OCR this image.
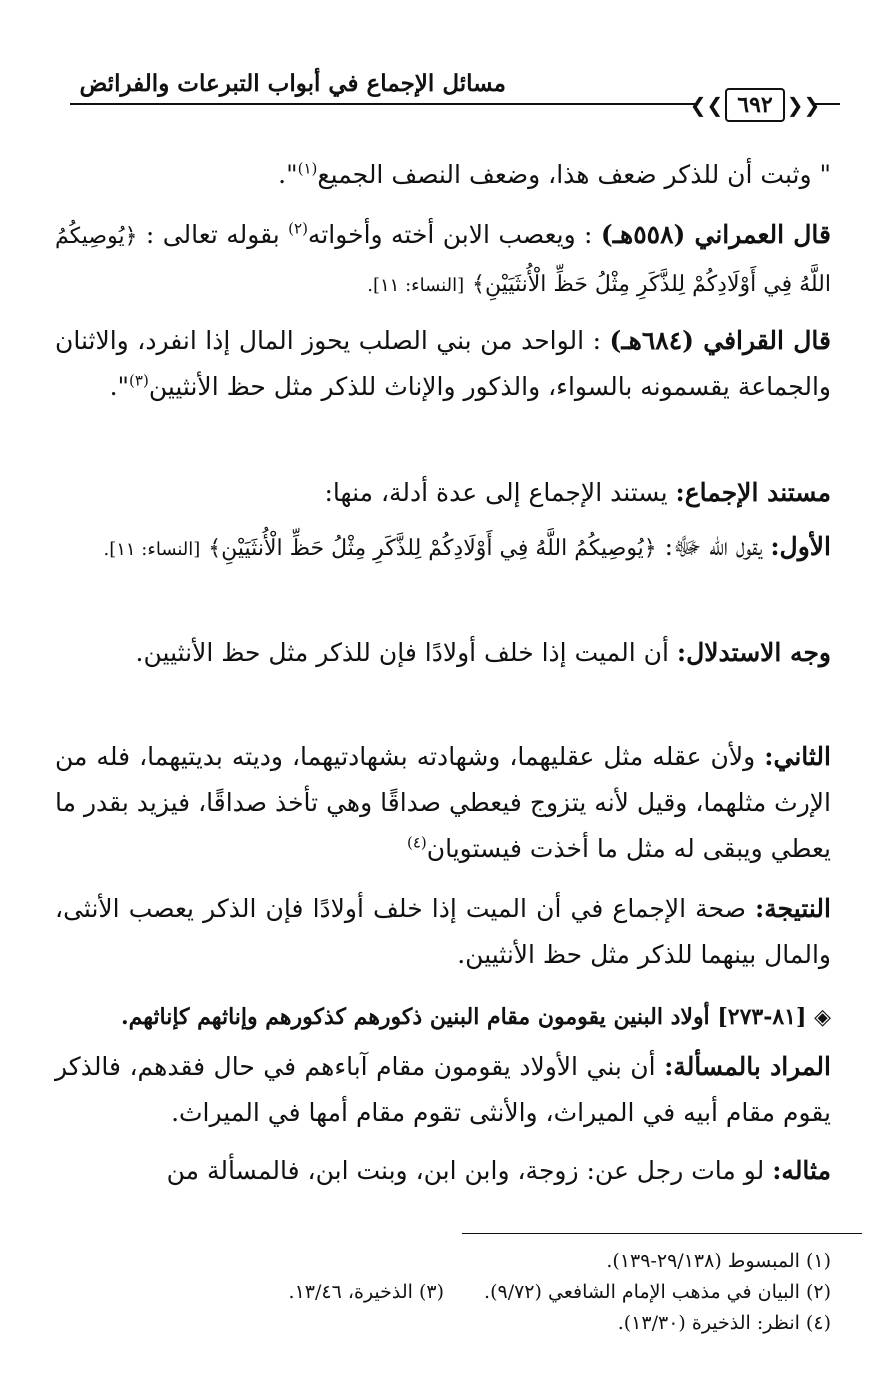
مسائل الإجماع في أبواب التبرعات والفرائض
❮❮ ٦٩٢ ❯❯

" وثبت أن للذكر ضعف هذا، وضعف النصف الجميع$^{(١)}$".

قال العمراني (٥٥٨هـ) : ويعصب الابن أخته وأخواته$^{(٢)}$ بقوله تعالى : ﴿يُوصِيكُمُ اللَّهُ فِي أَوْلَادِكُمْ لِلذَّكَرِ مِثْلُ حَظِّ الْأُنثَيَيْنِ﴾ [النساء: ١١].

قال القرافي (٦٨٤هـ) : الواحد من بني الصلب يحوز المال إذا انفرد، والاثنان والجماعة يقسمونه بالسواء، والذكور والإناث للذكر مثل حظ الأنثيين$^{(٣)}$".

مستند الإجماع: يستند الإجماع إلى عدة أدلة، منها:

الأول: يقول الله ﷻ: ﴿يُوصِيكُمُ اللَّهُ فِي أَوْلَادِكُمْ لِلذَّكَرِ مِثْلُ حَظِّ الْأُنثَيَيْنِ﴾ [النساء: ١١].

وجه الاستدلال: أن الميت إذا خلف أولادًا فإن للذكر مثل حظ الأنثيين.

الثاني: ولأن عقله مثل عقليهما، وشهادته بشهادتيهما، وديته بديتيهما، فله من الإرث مثلهما، وقيل لأنه يتزوج فيعطي صداقًا وهي تأخذ صداقًا، فيزيد بقدر ما يعطي ويبقى له مثل ما أخذت فيستويان$^{(٤)}$

النتيجة: صحة الإجماع في أن الميت إذا خلف أولادًا فإن الذكر يعصب الأنثى، والمال بينهما للذكر مثل حظ الأنثيين.

◈ [٨١-٢٧٣] أولاد البنين يقومون مقام البنين ذكورهم كذكورهم وإناثهم كإناثهم.

المراد بالمسألة: أن بني الأولاد يقومون مقام آباءهم في حال فقدهم، فالذكر يقوم مقام أبيه في الميراث، والأنثى تقوم مقام أمها في الميراث.

مثاله: لو مات رجل عن: زوجة، وابن ابن، وبنت ابن، فالمسألة من

(١) المبسوط (٢٩/١٣٨-١٣٩).

(٢) البيان في مذهب الإمام الشافعي (٩/٧٢).(٣) الذخيرة، ١٣/٤٦.

(٤) انظر: الذخيرة (١٣/٣٠).
